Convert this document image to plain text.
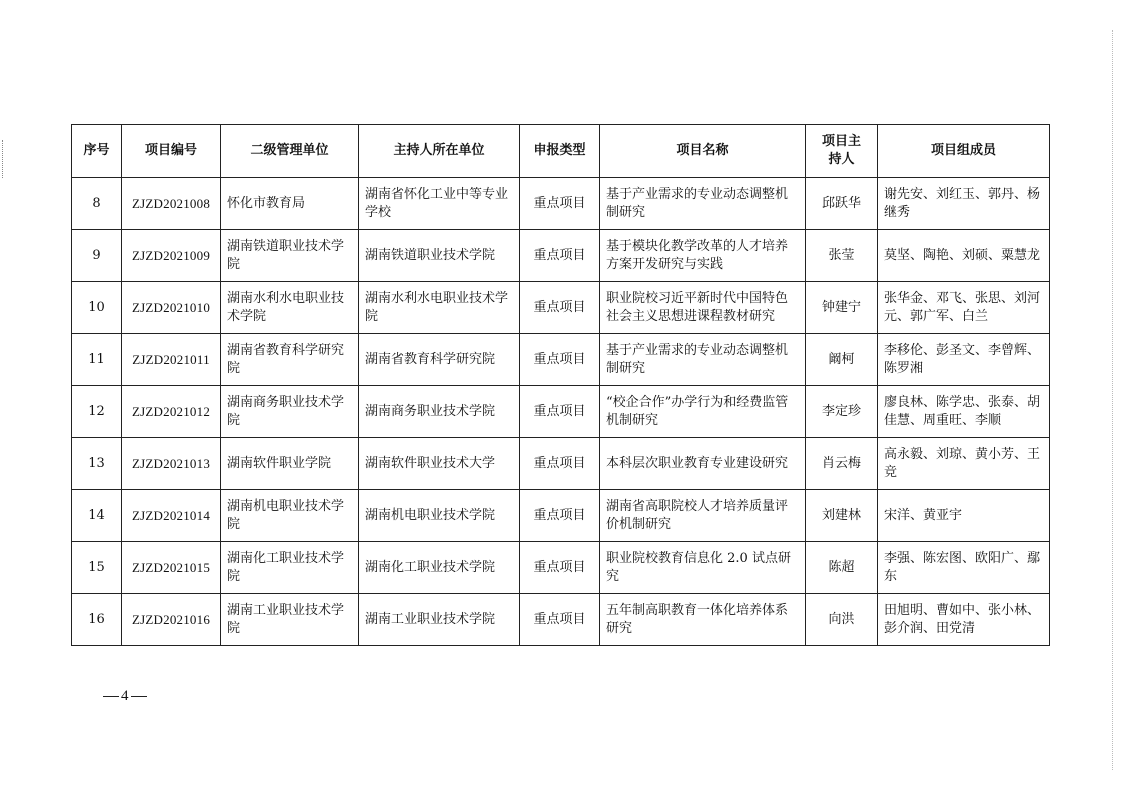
序号	项目编号	二级管理单位	主持人所在单位	申报类型	项目名称	项目主持人	项目组成员
8	ZJZD2021008	怀化市教育局	湖南省怀化工业中等专业学校	重点项目	基于产业需求的专业动态调整机制研究	邱跃华	谢先安、刘红玉、郭丹、杨继秀
9	ZJZD2021009	湖南铁道职业技术学院	湖南铁道职业技术学院	重点项目	基于模块化教学改革的人才培养方案开发研究与实践	张莹	莫坚、陶艳、刘硕、粟慧龙
10	ZJZD2021010	湖南水利水电职业技术学院	湖南水利水电职业技术学院	重点项目	职业院校习近平新时代中国特色社会主义思想进课程教材研究	钟建宁	张华金、邓飞、张思、刘河元、郭广军、白兰
11	ZJZD2021011	湖南省教育科学研究院	湖南省教育科学研究院	重点项目	基于产业需求的专业动态调整机制研究	阚柯	李移伦、彭圣文、李曾辉、陈罗湘
12	ZJZD2021012	湖南商务职业技术学院	湖南商务职业技术学院	重点项目	“校企合作”办学行为和经费监管机制研究	李定珍	廖良林、陈学忠、张泰、胡佳慧、周重旺、李顺
13	ZJZD2021013	湖南软件职业学院	湖南软件职业技术大学	重点项目	本科层次职业教育专业建设研究	肖云梅	高永毅、刘琼、黄小芳、王竞
14	ZJZD2021014	湖南机电职业技术学院	湖南机电职业技术学院	重点项目	湖南省高职院校人才培养质量评价机制研究	刘建林	宋洋、黄亚宇
15	ZJZD2021015	湖南化工职业技术学院	湖南化工职业技术学院	重点项目	职业院校教育信息化 2.0 试点研究	陈超	李强、陈宏图、欧阳广、鄢东
16	ZJZD2021016	湖南工业职业技术学院	湖南工业职业技术学院	重点项目	五年制高职教育一体化培养体系研究	向洪	田旭明、曹如中、张小林、彭介润、田党清
4
